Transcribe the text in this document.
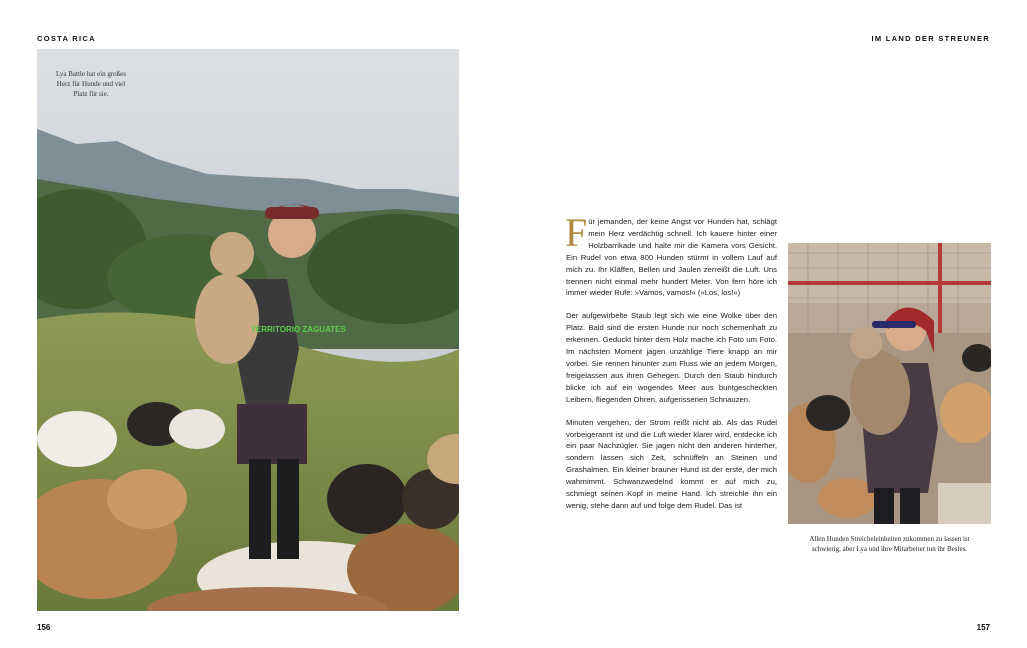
COSTA RICA	IM LAND DER STREUNER
TERRITORIO ZAGUATES
Lya Battle hat ein großes Herz für Hunde und viel Platz für sie.

Für jemanden, der keine Angst vor Hunden hat, schlägt mein Herz verdächtig schnell. Ich kauere hinter einer Holzbarrikade und halte mir die Kamera vors Gesicht. Ein Rudel von etwa 800 Hunden stürmt in vollem Lauf auf mich zu. Ihr Kläffen, Bellen und Jaulen zerreißt die Luft. Uns trennen nicht einmal mehr hundert Meter. Von fern höre ich immer wieder Rufe: »Vamos, vamos!« (»Los, los!«)

Der aufgewirbelte Staub legt sich wie eine Wolke über den Platz. Bald sind die ersten Hunde nur noch schemenhaft zu erkennen. Geduckt hinter dem Holz mache ich Foto um Foto. Im nächsten Moment jagen unzählige Tiere knapp an mir vorbei. Sie rennen hinunter zum Fluss wie an jedem Morgen, freigelassen aus ihren Gehegen. Durch den Staub hindurch blicke ich auf ein wogendes Meer aus buntgescheckten Leibern, fliegenden Ohren, aufgerissenen Schnauzen.

Minuten vergehen, der Strom reißt nicht ab. Als das Rudel vorbeigerannt ist und die Luft wieder klarer wird, entdecke ich ein paar Nachzügler. Sie jagen nicht den anderen hinterher, sondern lassen sich Zeit, schnüffeln an Steinen und Grashalmen. Ein kleiner brauner Hund ist der erste, der mich wahrnimmt. Schwanzwedelnd kommt er auf mich zu, schmiegt seinen Kopf in meine Hand. Ich streichle ihn ein wenig, stehe dann auf und folge dem Rudel. Das ist

Allen Hunden Streicheleinheiten zukommen zu lassen ist schwierig, aber Lya und ihre Mitarbeiter tun ihr Bestes.
156	157
